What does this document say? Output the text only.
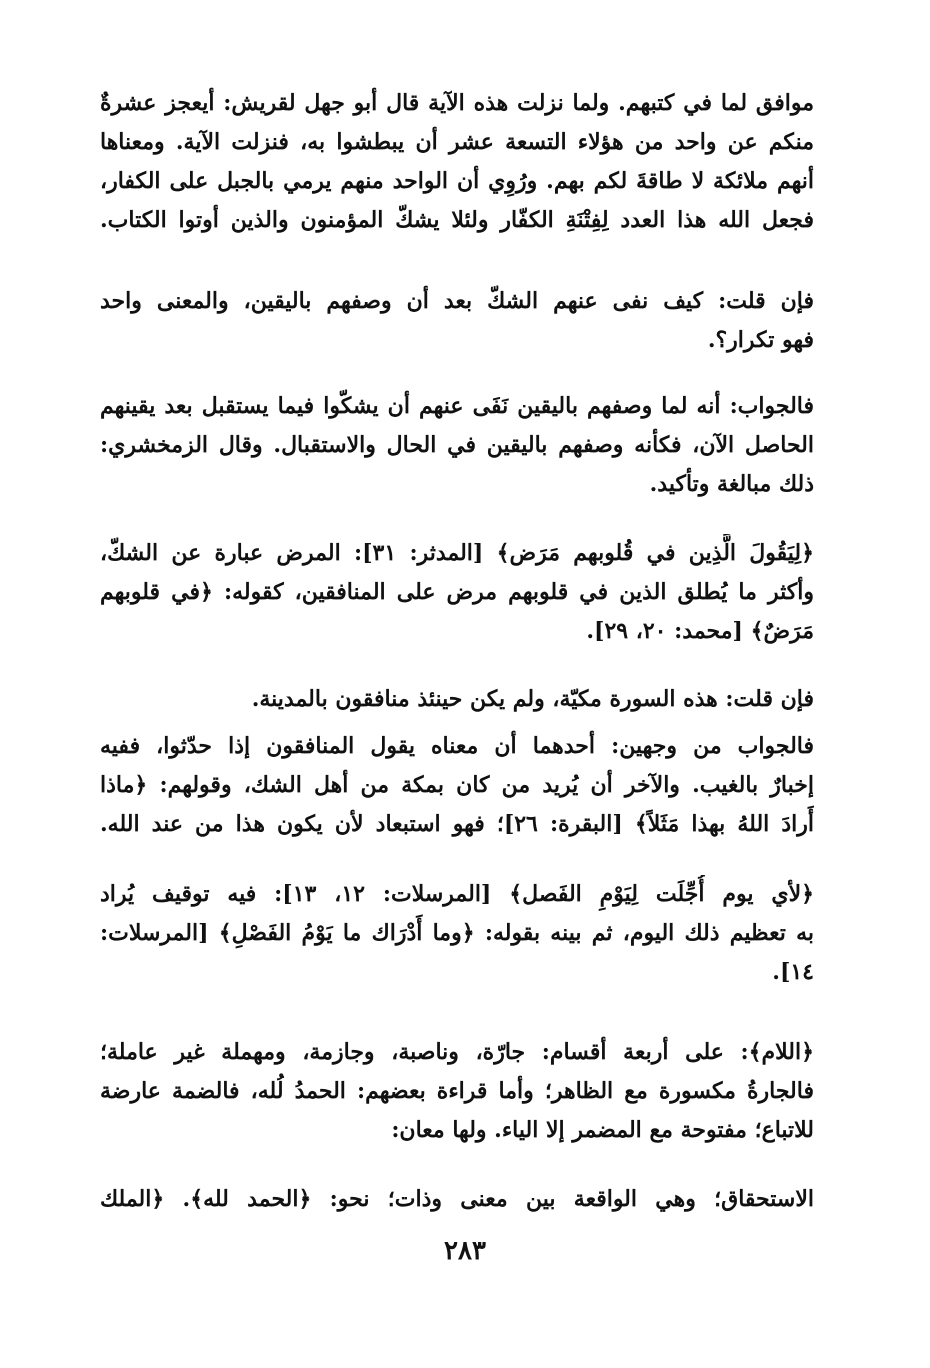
موافق لما في كتبهم. ولما نزلت هذه الآية قال أبو جهل لقريش: أيعجز عشرةٌ
منكم عن واحد من هؤلاء التسعة عشر أن يبطشوا به، فنزلت الآية. ومعناها
أنهم ملائكة لا طاقةَ لكم بهم. ورُوِي أن الواحد منهم يرمي بالجبل على الكفار،
فجعل الله هذا العدد لِفِتْنَةِ الكفّار ولئلا يشكّ المؤمنون والذين أوتوا الكتاب.
فإن قلت: كيف نفى عنهم الشكّ بعد أن وصفهم باليقين، والمعنى واحد
فهو تكرار؟.
فالجواب: أنه لما وصفهم باليقين نَفَى عنهم أن يشكّوا فيما يستقبل بعد يقينهم
الحاصل الآن، فكأنه وصفهم باليقين في الحال والاستقبال. وقال الزمخشري:
ذلك مبالغة وتأكيد.
﴿لِيَقُولَ الَّذِين في قُلوبهم مَرَض﴾ [المدثر: ٣١]: المرض عبارة عن الشكّ،
وأكثر ما يُطلق الذين في قلوبهم مرض على المنافقين، كقوله: ﴿في قلوبهم
مَرَضٌ﴾ [محمد: ٢٠، ٢٩].
فإن قلت: هذه السورة مكيّة، ولم يكن حينئذ منافقون بالمدينة.
فالجواب من وجهين: أحدهما أن معناه يقول المنافقون إذا حدّثوا، ففيه
إخبارٌ بالغيب. والآخر أن يُريد من كان بمكة من أهل الشك، وقولهم: ﴿ماذا
أَرادَ اللهُ بهذا مَثَلاً﴾ [البقرة: ٢٦]؛ فهو استبعاد لأن يكون هذا من عند الله.
﴿لأي يوم أُجِّلَت لِيَوْمِ الفَصل﴾ [المرسلات: ١٢، ١٣]: فيه توقيف يُراد
به تعظيم ذلك اليوم، ثم بينه بقوله: ﴿وما أَدْرَاك ما يَوْمُ الفَصْلِ﴾ [المرسلات:
١٤].
﴿اللام﴾: على أربعة أقسام: جارّة، وناصبة، وجازمة، ومهملة غير عاملة؛
فالجارةُ مكسورة مع الظاهر؛ وأما قراءة بعضهم: الحمدُ لُله، فالضمة عارضة
للاتباع؛ مفتوحة مع المضمر إلا الياء. ولها معان:
الاستحقاق؛ وهي الواقعة بين معنى وذات؛ نحو: ﴿الحمد لله﴾. ﴿الملك
٢٨٣
